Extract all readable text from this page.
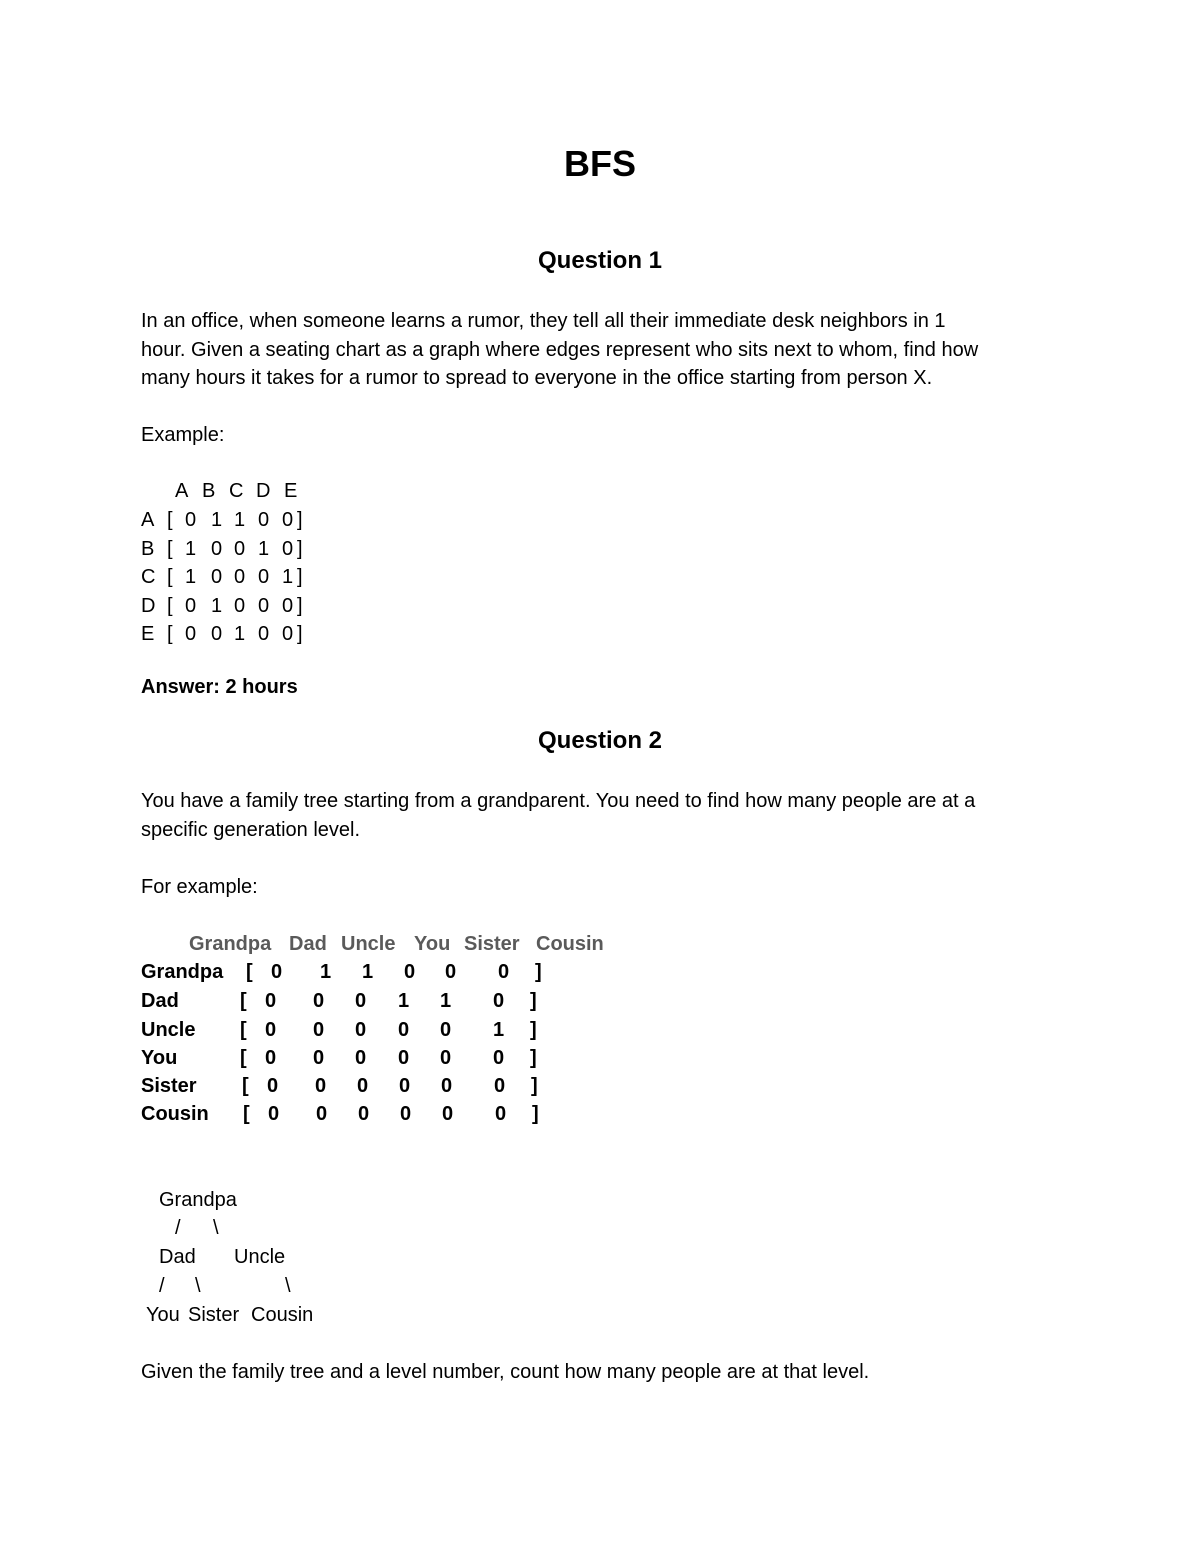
BFS
Question 1

In an office, when someone learns a rumor, they tell all their immediate desk neighbors in 1

hour. Given a seating chart as a graph where edges represent who sits next to whom, find how

many hours it takes for a rumor to spread to everyone in the office starting from person X.

Example:

A B C D E
A [ 0 1 1 0 0 ]
B [ 1 0 0 1 0 ]
C [ 1 0 0 0 1 ]
D [ 0 1 0 0 0 ]
E [ 0 0 1 0 0 ]

Answer: 2 hours

Question 2

You have a family tree starting from a grandparent. You need to find how many people are at a

specific generation level.

For example:

Grandpa Dad Uncle You Sister Cousin
Grandpa [ 0 1 1 0 0 0 ]
Dad	[ 0 0 0 1 1 0 ]
Uncle [ 0 0 0 0 0 1 ]
You	[ 0 0 0 0 0 0 ]
Sister [ 0 0 0 0 0 0 ]
Cousin [ 0 0 0 0 0 0 ]
Grandpa
/ \
Dad Uncle
/ \	\
You Sister Cousin

Given the family tree and a level number, count how many people are at that level.
